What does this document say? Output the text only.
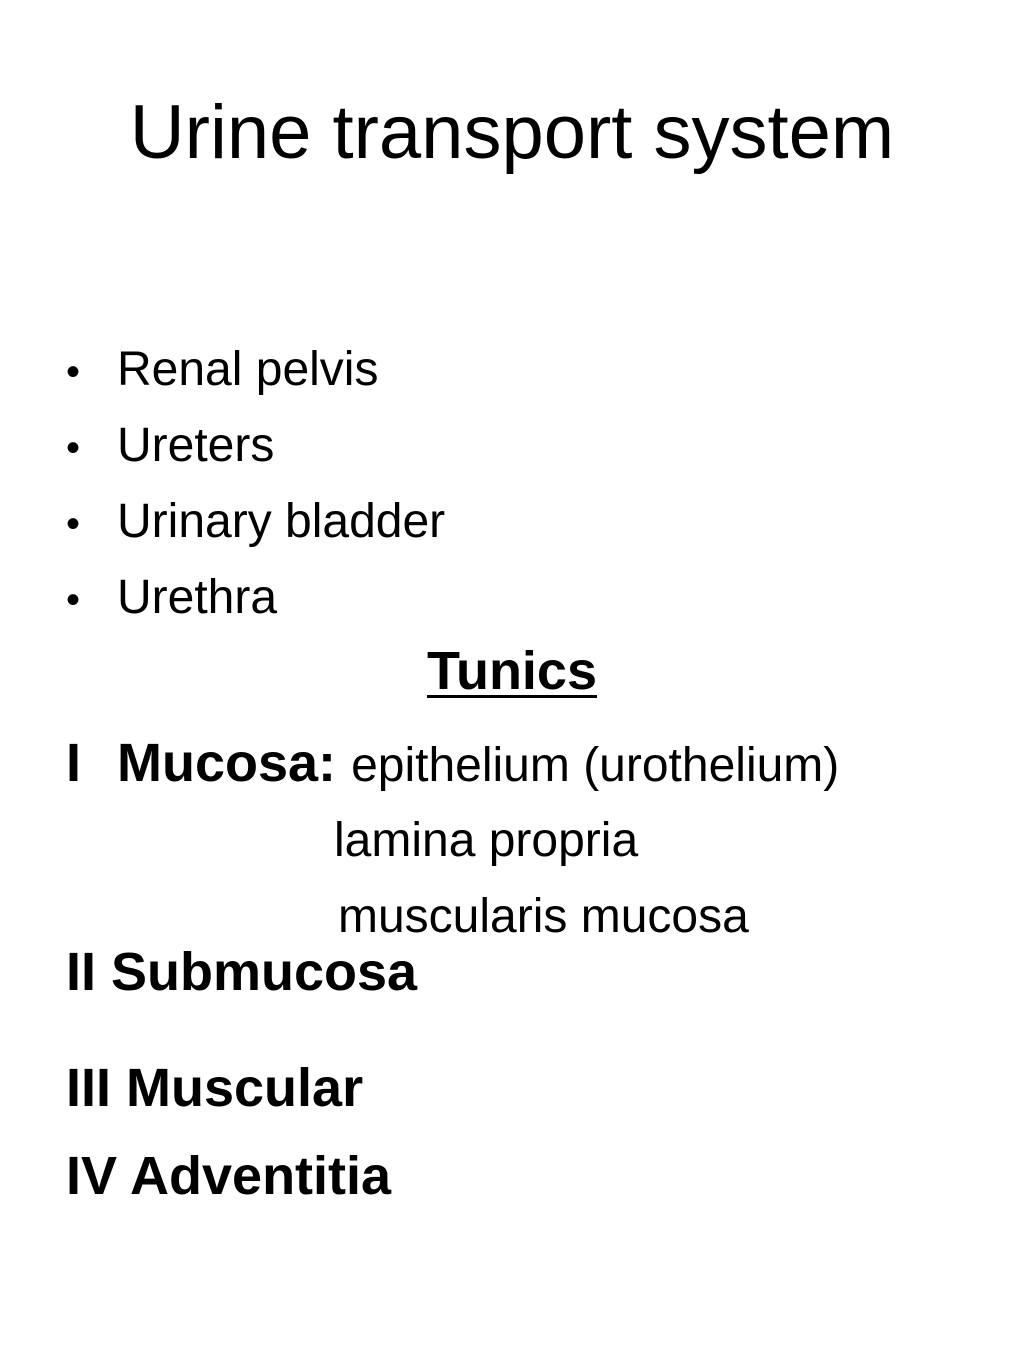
Urine transport system
• Renal pelvis
• Ureters
• Urinary bladder
• Urethra
Tunics
I Mucosa: epithelium (urothelium)
lamina propria
muscularis mucosa
II Submucosa
III Muscular
IV Adventitia
